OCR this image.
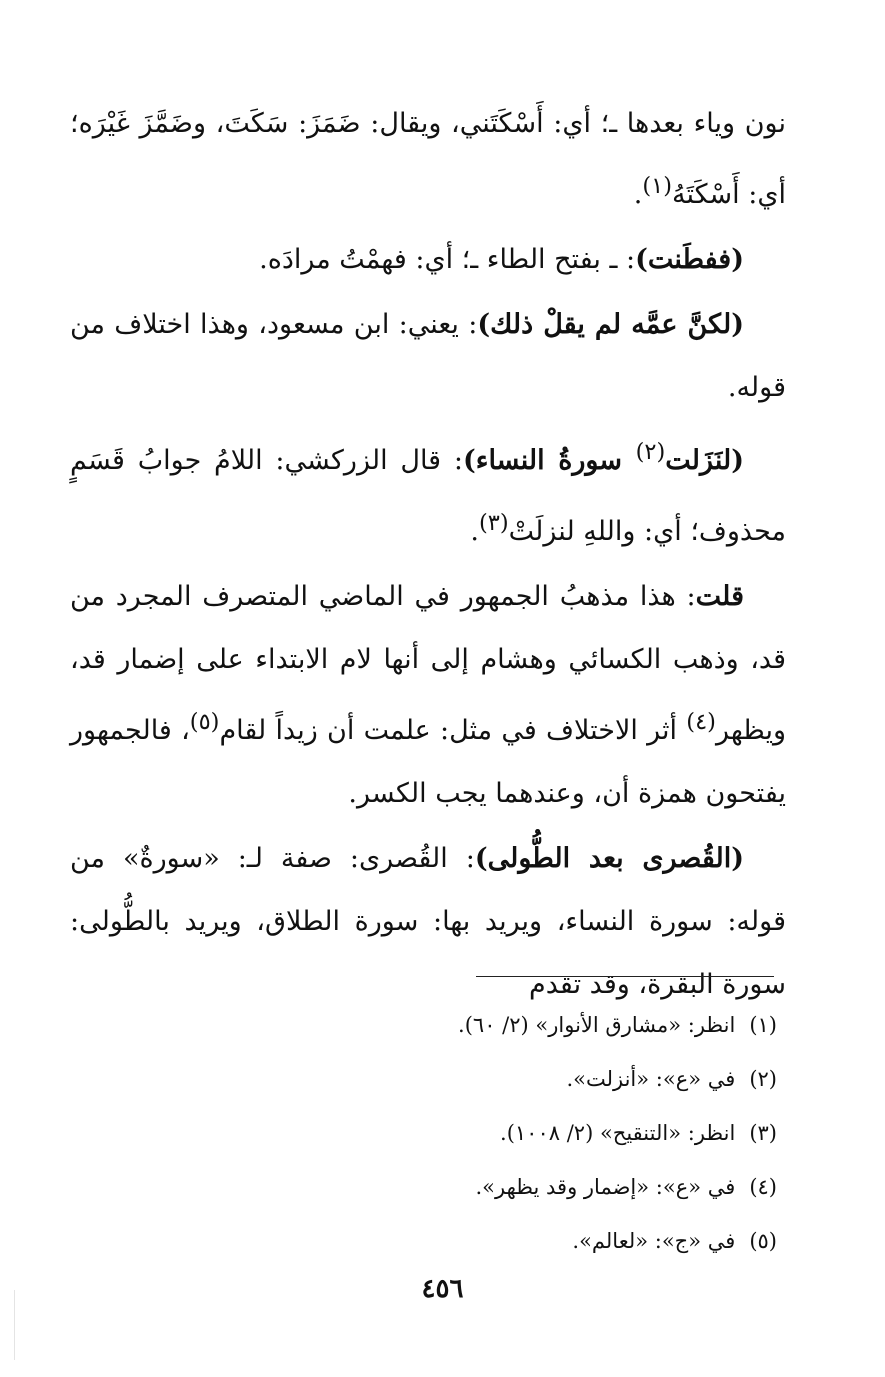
نون وياء بعدها ـ؛ أي: أَسْكَتَني، ويقال: ضَمَزَ: سَكَتَ، وضَمَّزَ غَيْرَه؛ أي: أَسْكَتَهُ$^{(١)}$.

(ففطَنت): ـ بفتح الطاء ـ؛ أي: فهمْتُ مرادَه.

(لكنَّ عمَّه لم يقلْ ذلك): يعني: ابن مسعود، وهذا اختلاف من قوله.

(لنَزَلت$^{(٢)}$ سورةُ النساء): قال الزركشي: اللامُ جوابُ قَسَمٍ محذوف؛ أي: واللهِ لنزلَتْ$^{(٣)}$.

قلت: هذا مذهبُ الجمهور في الماضي المتصرف المجرد من قد، وذهب الكسائي وهشام إلى أنها لام الابتداء على إضمار قد، ويظهر$^{(٤)}$ أثر الاختلاف في مثل: علمت أن زيداً لقام$^{(٥)}$، فالجمهور يفتحون همزة أن، وعندهما يجب الكسر.

(القُصرى بعد الطُّولى): القُصرى: صفة لـ: «سورةٌ» من قوله: سورة النساء، ويريد بها: سورة الطلاق، ويريد بالطُّولى: سورة البقرة، وقد تقدم

(١)انظر: «مشارق الأنوار» (٢/ ٦٠).

(٢)في «ع»: «أنزلت».

(٣)انظر: «التنقيح» (٢/ ١٠٠٨).

(٤)في «ع»: «إضمار وقد يظهر».

(٥)في «ج»: «لعالم».

٤٥٦
